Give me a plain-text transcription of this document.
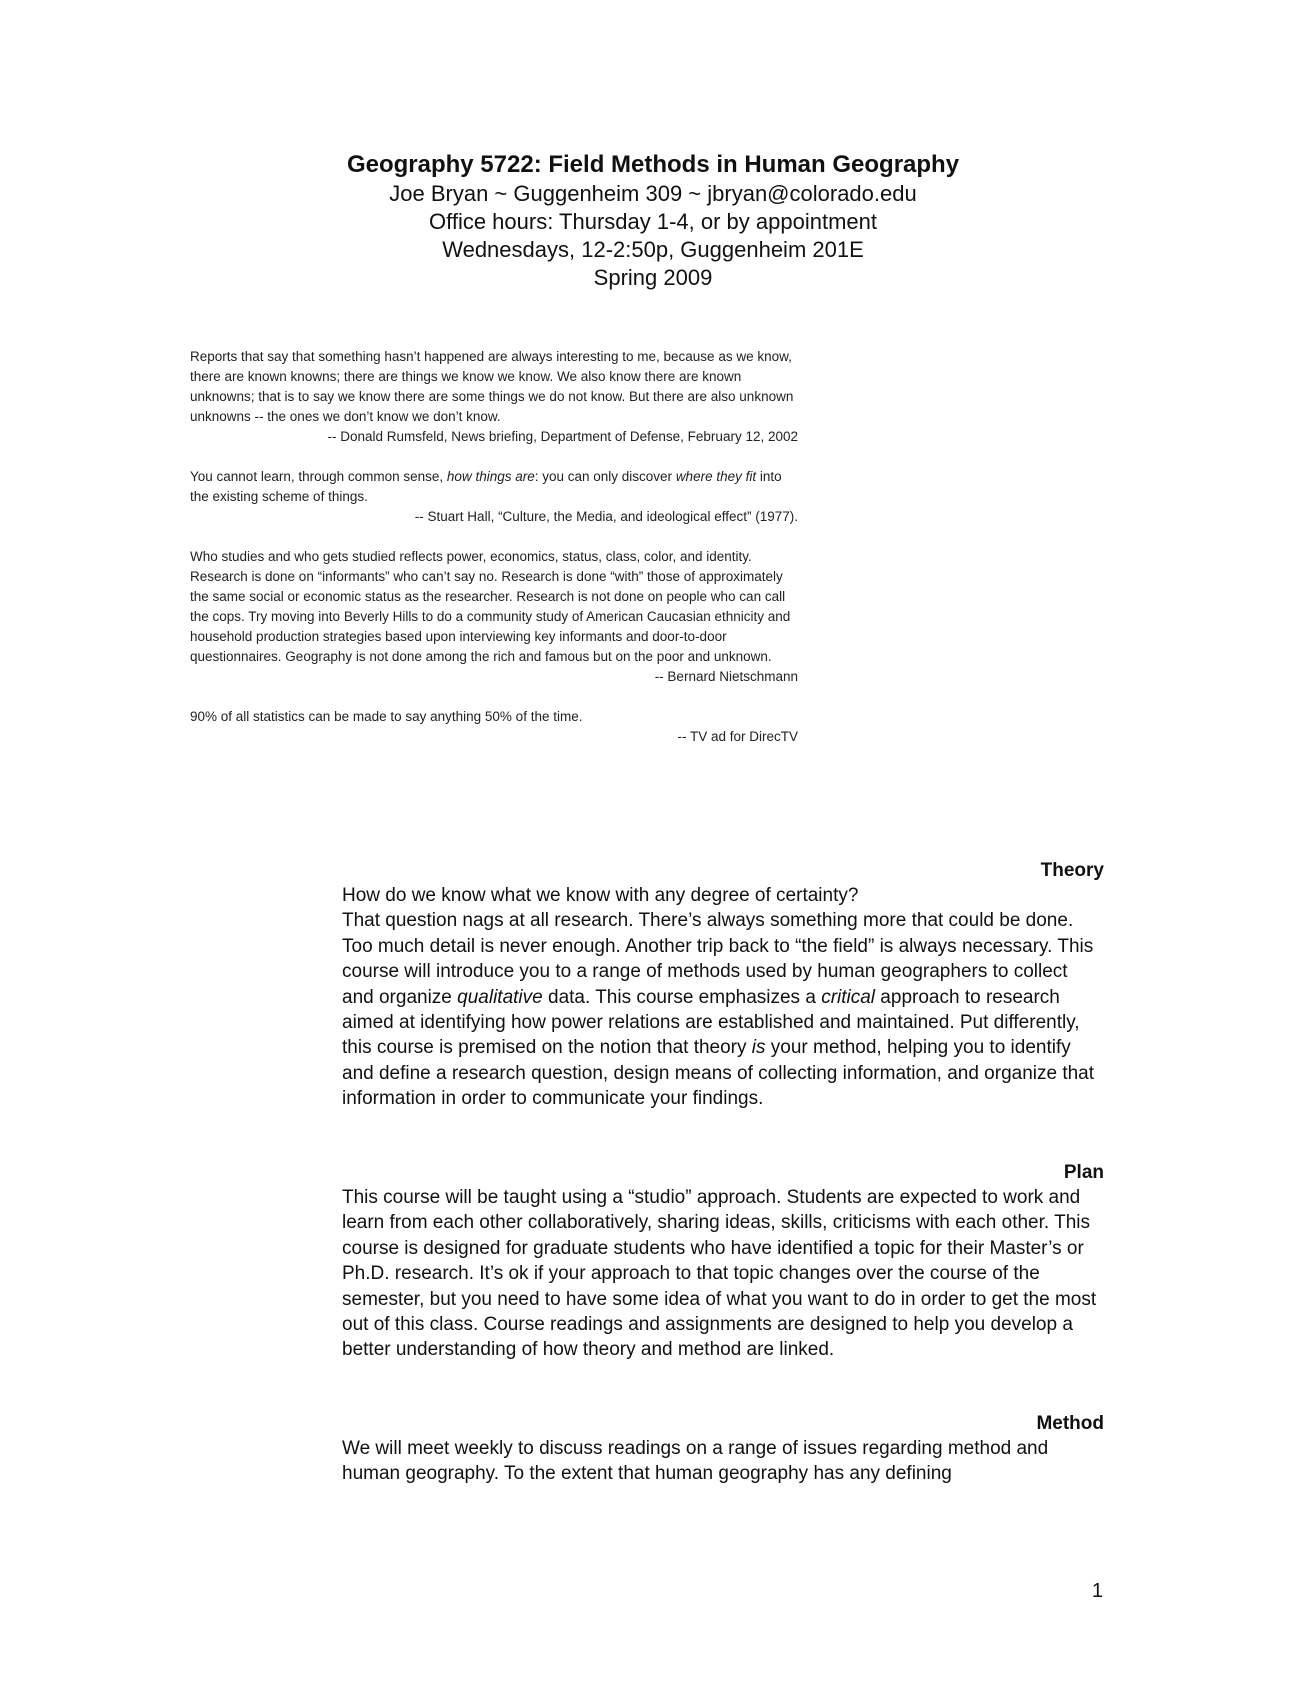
Geography 5722: Field Methods in Human Geography
Joe Bryan ~ Guggenheim 309 ~ jbryan@colorado.edu
Office hours: Thursday 1-4, or by appointment
Wednesdays, 12-2:50p, Guggenheim 201E
Spring 2009

Reports that say that something hasn’t happened are always interesting to me, because as we know, there are known knowns; there are things we know we know. We also know there are known unknowns; that is to say we know there are some things we do not know. But there are also unknown unknowns -- the ones we don’t know we don’t know.

-- Donald Rumsfeld, News briefing, Department of Defense, February 12, 2002

You cannot learn, through common sense, how things are: you can only discover where they fit into the existing scheme of things.

-- Stuart Hall, “Culture, the Media, and ideological effect” (1977).

Who studies and who gets studied reflects power, economics, status, class, color, and identity. Research is done on “informants” who can’t say no. Research is done “with” those of approximately the same social or economic status as the researcher. Research is not done on people who can call the cops. Try moving into Beverly Hills to do a community study of American Caucasian ethnicity and household production strategies based upon interviewing key informants and door-to-door questionnaires. Geography is not done among the rich and famous but on the poor and unknown.

-- Bernard Nietschmann

90% of all statistics can be made to say anything 50% of the time.

-- TV ad for DirecTV
Theory

How do we know what we know with any degree of certainty?

That question nags at all research. There’s always something more that could be done. Too much detail is never enough. Another trip back to “the field” is always necessary. This course will introduce you to a range of methods used by human geographers to collect and organize qualitative data. This course emphasizes a critical approach to research aimed at identifying how power relations are established and maintained. Put differently, this course is premised on the notion that theory is your method, helping you to identify and define a research question, design means of collecting information, and organize that information in order to communicate your findings.

Plan

This course will be taught using a “studio” approach. Students are expected to work and learn from each other collaboratively, sharing ideas, skills, criticisms with each other. This course is designed for graduate students who have identified a topic for their Master’s or Ph.D. research. It’s ok if your approach to that topic changes over the course of the semester, but you need to have some idea of what you want to do in order to get the most out of this class. Course readings and assignments are designed to help you develop a better understanding of how theory and method are linked.

Method

We will meet weekly to discuss readings on a range of issues regarding method and human geography. To the extent that human geography has any defining

1
